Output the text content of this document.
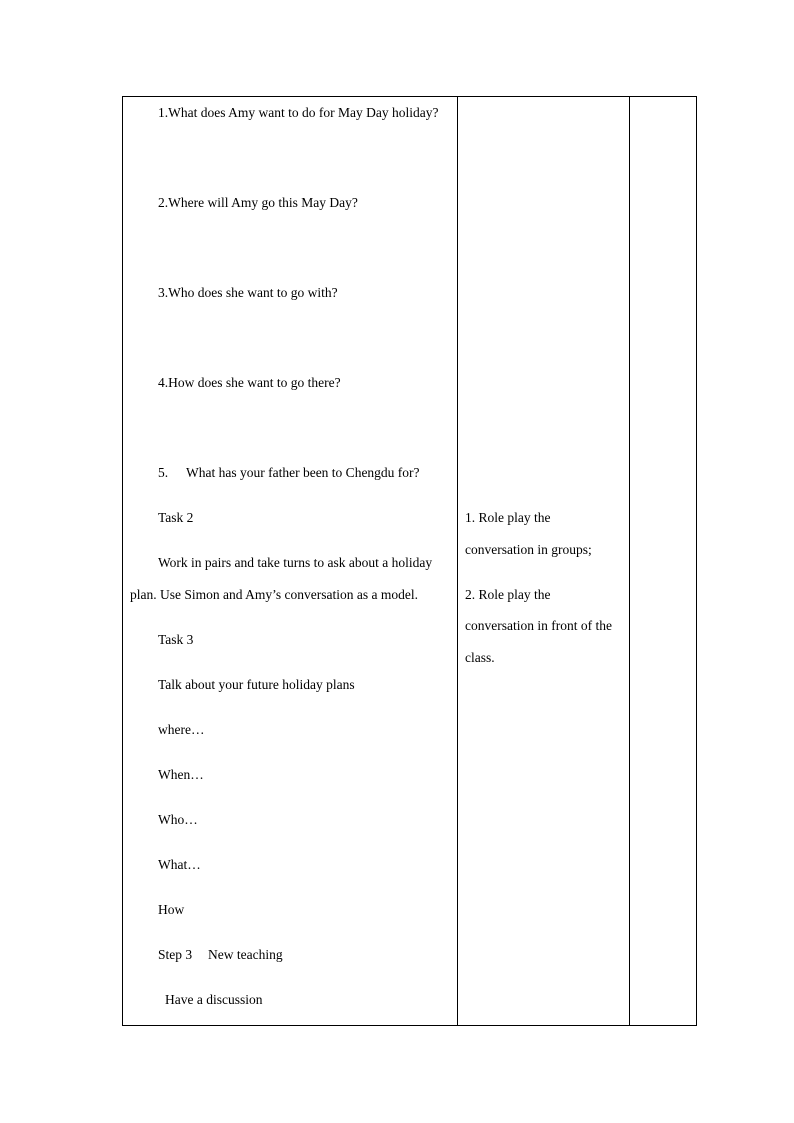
1.What does Amy want to do for May Day holiday?
2.Where will Amy go this May Day?
3.Who does she want to go with?
4.How does she want to go there?
5. What has your father been to Chengdu for?
Task 2
Work in pairs and take turns to ask about a holiday
plan. Use Simon and Amy’s conversation as a model.
Task 3
Talk about your future holiday plans
where…
When…
Who…
What…
How
Step 3 New teaching
Have a discussion
1. Role play the
conversation in groups;
2. Role play the
conversation in front of the
class.
